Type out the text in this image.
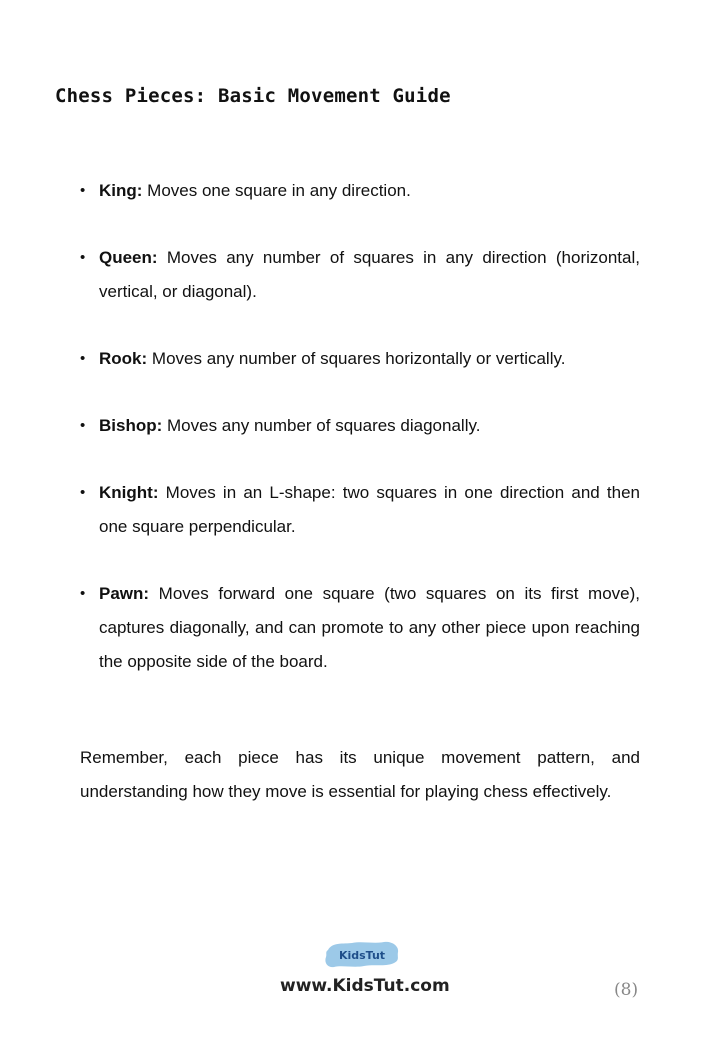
Chess Pieces: Basic Movement Guide
• King: Moves one square in any direction.
• Queen: Moves any number of squares in any direction (horizontal, vertical, or diagonal).
• Rook: Moves any number of squares horizontally or vertically.
• Bishop: Moves any number of squares diagonally.
• Knight: Moves in an L-shape: two squares in one direction and then one square perpendicular.
• Pawn: Moves forward one square (two squares on its first move), captures diagonally, and can promote to any other piece upon reaching the opposite side of the board.

Remember, each piece has its unique movement pattern, and understanding how they move is essential for playing chess effectively.

KidsTut
www.KidsTut.com	(8)
